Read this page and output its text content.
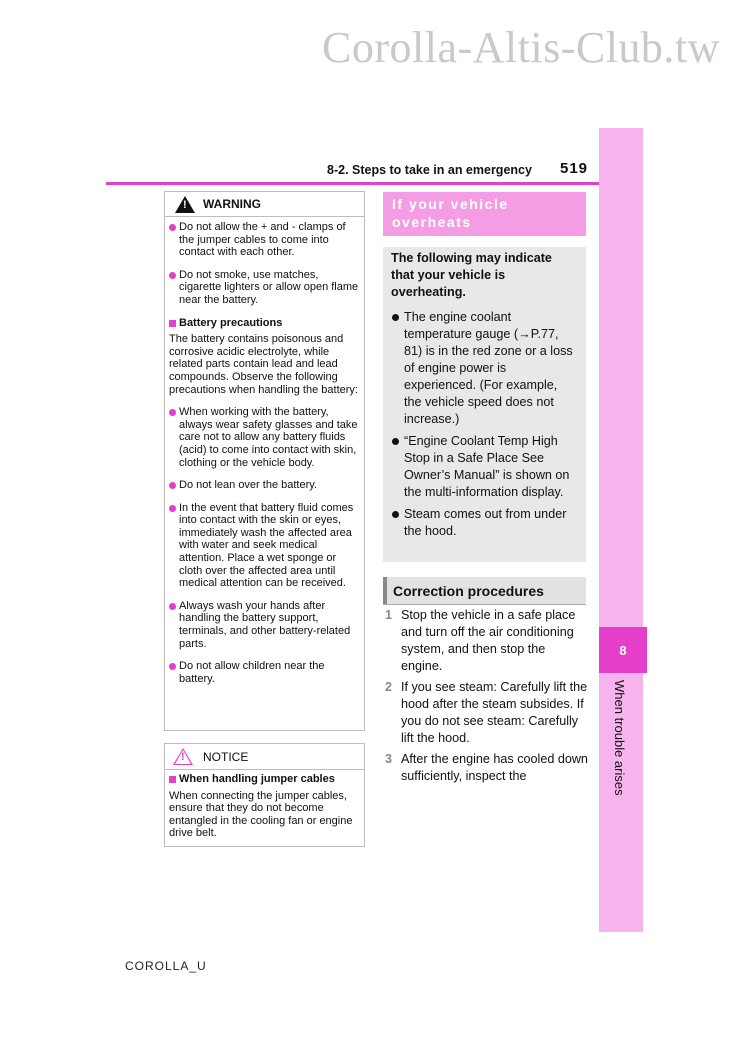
Corolla-Altis-Club.tw
8
When trouble arises
8-2. Steps to take in an emergency 519
!
WARNING
Do not allow the + and - clamps of the jumper cables to come into contact with each other.
Do not smoke, use matches, cigarette lighters or allow open flame near the battery.
Battery precautions
The battery contains poisonous and corrosive acidic electrolyte, while related parts contain lead and lead compounds. Observe the following precautions when handling the battery:
When working with the battery, always wear safety glasses and take care not to allow any battery fluids (acid) to come into contact with skin, clothing or the vehicle body.
Do not lean over the battery.
In the event that battery fluid comes into contact with the skin or eyes, immediately wash the affected area with water and seek medical attention. Place a wet sponge or cloth over the affected area until medical attention can be received.
Always wash your hands after handling the battery support, terminals, and other battery-related parts.
Do not allow children near the battery.
!
NOTICE
When handling jumper cables
When connecting the jumper cables, ensure that they do not become entangled in the cooling fan or engine drive belt.
If your vehicle overheats
The following may indicate that your vehicle is overheating.
The engine coolant temperature gauge (→P.77, 81) is in the red zone or a loss of engine power is experienced. (For example, the vehicle speed does not increase.)
“Engine Coolant Temp High Stop in a Safe Place See Owner’s Manual” is shown on the multi-information display.
Steam comes out from under the hood.
Correction procedures
1 Stop the vehicle in a safe place and turn off the air conditioning system, and then stop the engine.
2 If you see steam: Carefully lift the hood after the steam subsides. If you do not see steam: Carefully lift the hood.
3 After the engine has cooled down sufficiently, inspect the
COROLLA_U
